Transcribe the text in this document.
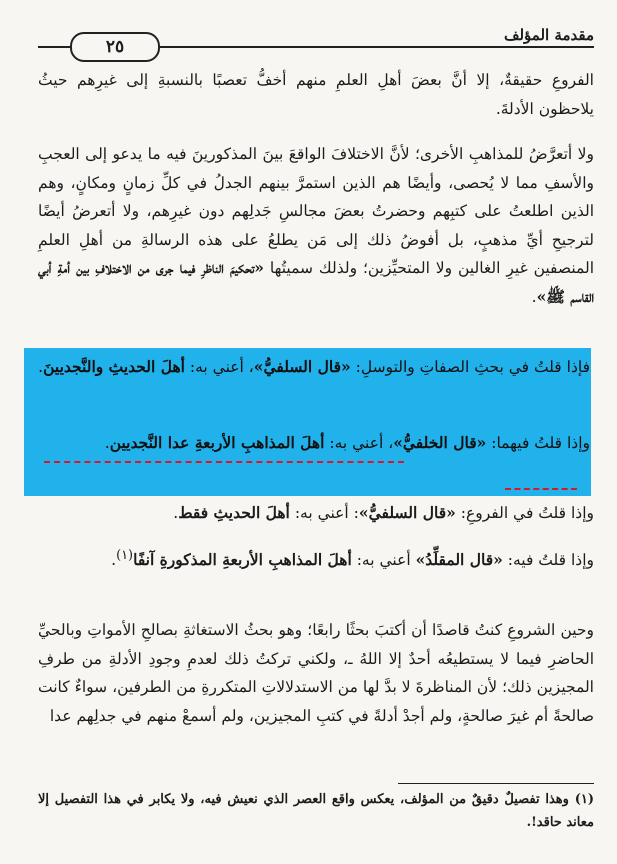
مقدمة المؤلف
٢٥
الفروعِ حقيقةٌ، إلا أنَّ بعضَ أهلِ العلمِ منهم أخفُّ تعصبًا بالنسبةِ إلى غيرِهم حيثُ يلاحظون الأدلةَ.
ولا أتعرَّضُ للمذاهبِ الأخرى؛ لأنَّ الاختلافَ الواقعَ بينَ المذكورينَ فيه ما يدعو إلى العجبِ والأسفِ مما لا يُحصى، وأيضًا هم الذين استمرَّ بينهم الجدلُ في كلِّ زمانٍ ومكانٍ، وهم الذين اطلعتُ على كتبِهم وحضرتُ بعضَ مجالسِ جَدلِهم دون غيرِهم، ولا أتعرضُ أيضًا لترجيحِ أيِّ مذهبٍ، بل أفوضُ ذلك إلى مَن يطلعُ على هذه الرسالةِ من أهلِ العلمِ المنصفين غيرِ الغالين ولا المتحيِّزين؛ ولذلك سميتُها «تحكيمَ الناظرِ فيما جرى من الاختلافِ بين أمةِ أبي القاسم ﷺ».
فإذا قلتُ في بحثِ الصفاتِ والتوسلِ: «قال السلفيُّ»، أعني به: أهلَ الحديثِ والنَّجديينَ.
وإذا قلتُ فيهما: «قال الخلفيُّ»، أعني به: أهلَ المذاهبِ الأربعةِ عدا النَّجديين.
وإذا قلتُ في الفروعِ: «قال السلفيُّ»: أعني به: أهلَ الحديثِ فقط.
وإذا قلتُ فيه: «قال المقلِّدُ» أعني به: أهلَ المذاهبِ الأربعةِ المذكورةِ آنفًا$^{(١)}$.
وحين الشروعِ كنتُ قاصدًا أن أكتبَ بحثًا رابعًا؛ وهو بحثُ الاستغاثةِ بصالحِ الأمواتِ وبالحيِّ الحاضرِ فيما لا يستطيعُه أحدٌ إلا اللهُ ـ، ولكني تركتُ ذلك لعدمِ وجودِ الأدلةِ من طرفِ المجيزين ذلك؛ لأن المناظرةَ لا بدَّ لها من الاستدلالاتِ المتكررةِ من الطرفين، سواءٌ كانت صالحةً أم غيرَ صالحةٍ، ولم أجدْ أدلةً في كتبِ المجيزين، ولم أسمعْ منهم في جدلِهم عدا
(١) وهذا تفصيلٌ دقيقٌ من المؤلف، يعكس واقع العصر الذي نعيش فيه، ولا يكابر في هذا التفصيل إلا معاند حاقد!.
